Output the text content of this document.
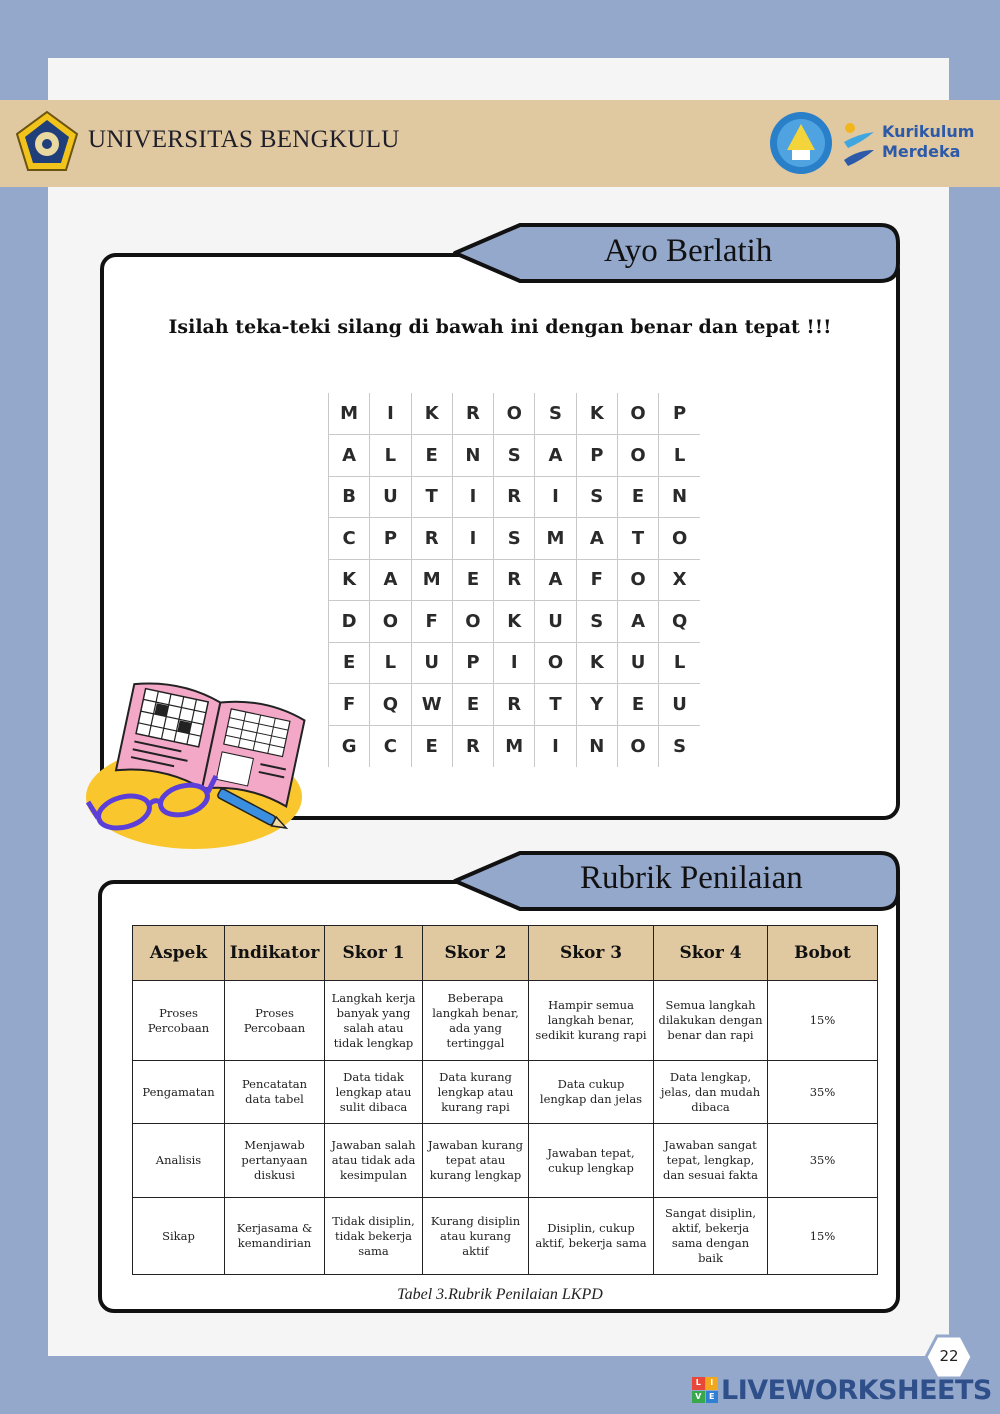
UNIVERSITAS BENGKULU	Kurikulum
Merdeka
Ayo Berlatih
Isilah teka-teki silang di bawah ini dengan benar dan tepat !!!
M	I	K	R	O	S	K	O	P
A	L	E	N	S	A	P	O	L
B	U	T	I	R	I	S	E	N
C	P	R	I	S	M	A	T	O
K	A	M	E	R	A	F	O	X
D	O	F	O	K	U	S	A	Q
E	L	U	P	I	O	K	U	L
F	Q	W	E	R	T	Y	E	U
G	C	E	R	M	I	N	O	S
Rubrik Penilaian
Aspek	Indikator	Skor 1	Skor 2	Skor 3	Skor 4	Bobot
Proses Percobaan	Proses Percobaan	Langkah kerja banyak yang salah atau tidak lengkap	Beberapa langkah benar, ada yang tertinggal	Hampir semua langkah benar, sedikit kurang rapi	Semua langkah dilakukan dengan benar dan rapi	15%
Pengamatan	Pencatatan data tabel	Data tidak lengkap atau sulit dibaca	Data kurang lengkap atau kurang rapi	Data cukup lengkap dan jelas	Data lengkap, jelas, dan mudah dibaca	35%
Analisis	Menjawab pertanyaan diskusi	Jawaban salah atau tidak ada kesimpulan	Jawaban kurang tepat atau kurang lengkap	Jawaban tepat, cukup lengkap	Jawaban sangat tepat, lengkap, dan sesuai fakta	35%
Sikap	Kerjasama & kemandirian	Tidak disiplin, tidak bekerja sama	Kurang disiplin atau kurang aktif	Disiplin, cukup aktif, bekerja sama	Sangat disiplin, aktif, bekerja sama dengan baik	15%
Tabel 3.Rubrik Penilaian LKPD
22
L	I
V E LIVEWORKSHEETS
